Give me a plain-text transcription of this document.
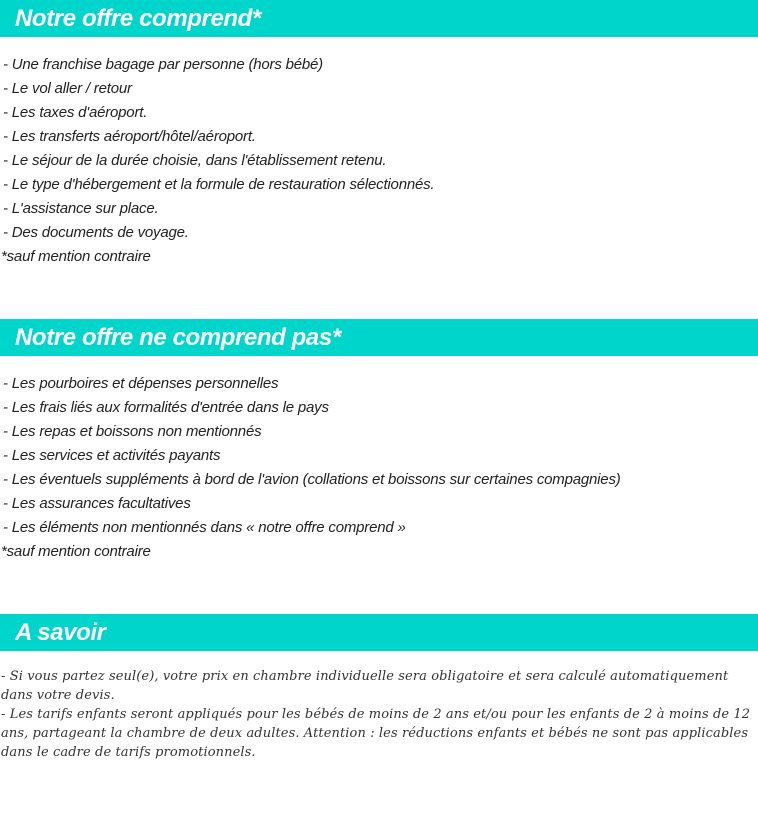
Notre offre comprend*
- Une franchise bagage par personne (hors bébé)
- Le vol aller / retour
- Les taxes d'aéroport.
- Les transferts aéroport/hôtel/aéroport.
- Le séjour de la durée choisie, dans l'établissement retenu.
- Le type d'hébergement et la formule de restauration sélectionnés.
- L'assistance sur place.
- Des documents de voyage.
*sauf mention contraire
Notre offre ne comprend pas*
- Les pourboires et dépenses personnelles
- Les frais liés aux formalités d'entrée dans le pays
- Les repas et boissons non mentionnés
- Les services et activités payants
- Les éventuels suppléments à bord de l'avion (collations et boissons sur certaines compagnies)
- Les assurances facultatives
- Les éléments non mentionnés dans « notre offre comprend »
*sauf mention contraire
A savoir

- Si vous partez seul(e), votre prix en chambre individuelle sera obligatoire et sera calculé automatiquement dans votre devis.

- Les tarifs enfants seront appliqués pour les bébés de moins de 2 ans et/ou pour les enfants de 2 à moins de 12 ans, partageant la chambre de deux adultes. Attention : les réductions enfants et bébés ne sont pas applicables dans le cadre de tarifs promotionnels.
